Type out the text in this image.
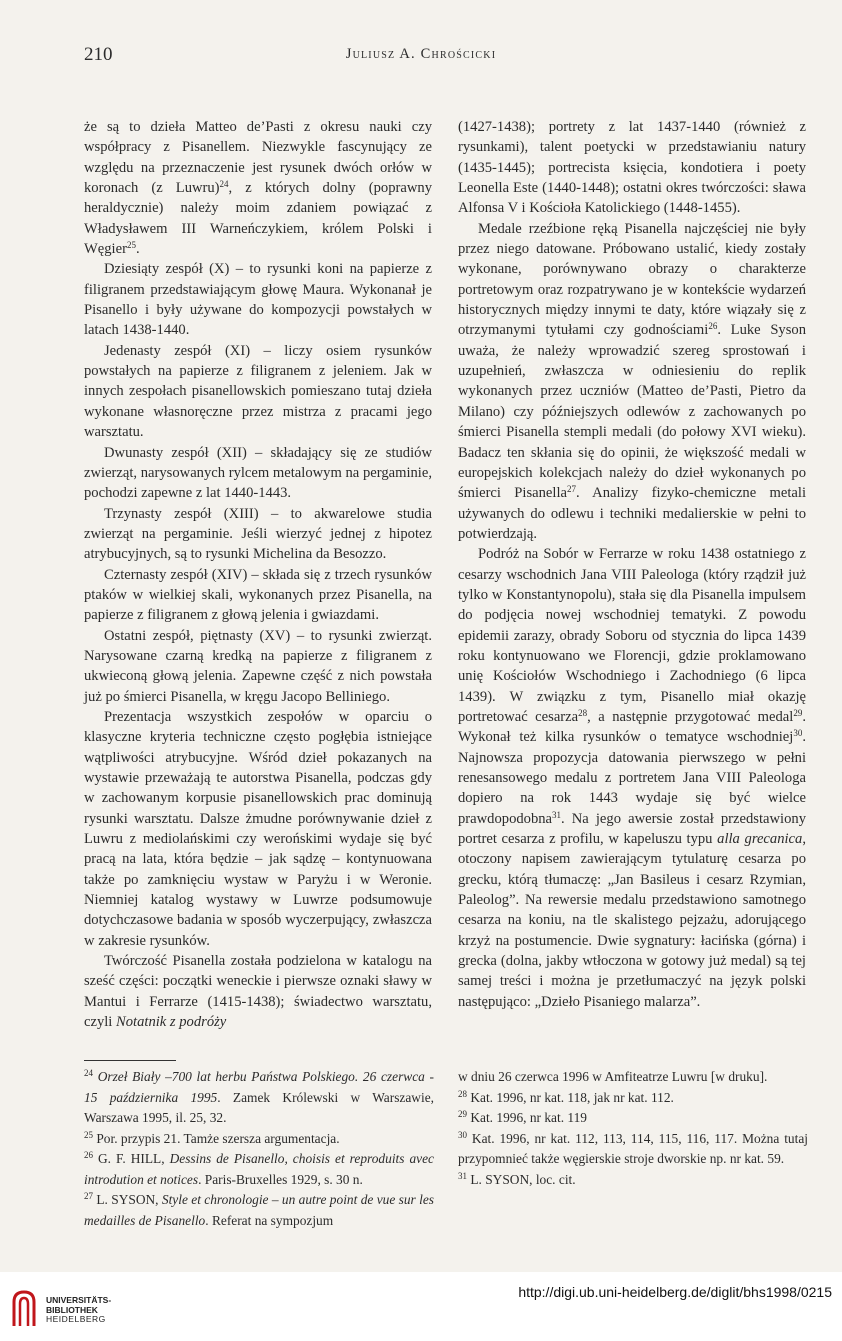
210	Juliusz A. Chrościcki

że są to dzieła Matteo de’Pasti z okresu nauki czy współpracy z Pisanellem. Niezwykle fascynujący ze względu na przeznaczenie jest rysunek dwóch orłów w koronach (z Luwru)$^{24}$, z których dolny (poprawny heraldycznie) należy moim zdaniem powiązać z Władysławem III Warneńczykiem, królem Polski i Węgier$^{25}$.

Dziesiąty zespół (X) – to rysunki koni na papierze z filigranem przedstawiającym głowę Maura. Wykonanał je Pisanello i były używane do kompozycji powstałych w latach 1438-1440.

Jedenasty zespół (XI) – liczy osiem rysunków powstałych na papierze z filigranem z jeleniem. Jak w innych zespołach pisanellowskich pomieszano tutaj dzieła wykonane własnoręczne przez mistrza z pracami jego warsztatu.

Dwunasty zespół (XII) – składający się ze studiów zwierząt, narysowanych rylcem metalowym na pergaminie, pochodzi zapewne z lat 1440-1443.

Trzynasty zespół (XIII) – to akwarelowe studia zwierząt na pergaminie. Jeśli wierzyć jednej z hipotez atrybucyjnych, są to rysunki Michelina da Besozzo.

Czternasty zespół (XIV) – składa się z trzech rysunków ptaków w wielkiej skali, wykonanych przez Pisanella, na papierze z filigranem z głową jelenia i gwiazdami.

Ostatni zespół, piętnasty (XV) – to rysunki zwierząt. Narysowane czarną kredką na papierze z filigranem z ukwieconą głową jelenia. Zapewne część z nich powstała już po śmierci Pisanella, w kręgu Jacopo Belliniego.

Prezentacja wszystkich zespołów w oparciu o klasyczne kryteria techniczne często pogłębia istniejące wątpliwości atrybucyjne. Wśród dzieł pokazanych na wystawie przeważają te autorstwa Pisanella, podczas gdy w zachowanym korpusie pisanellowskich prac dominują rysunki warsztatu. Dalsze żmudne porównywanie dzieł z Luwru z mediolańskimi czy werońskimi wydaje się być pracą na lata, która będzie – jak sądzę – kontynuowana także po zamknięciu wystaw w Paryżu i w Weronie. Niemniej katalog wystawy w Luwrze podsumowuje dotychczasowe badania w sposób wyczerpujący, zwłaszcza w zakresie rysunków.

Twórczość Pisanella została podzielona w katalogu na sześć części: początki weneckie i pierwsze oznaki sławy w Mantui i Ferrarze (1415-1438); świadectwo warsztatu, czyli Notatnik z podróży

(1427-1438); portrety z lat 1437-1440 (również z rysunkami), talent poetycki w przedstawianiu natury (1435-1445); portrecista księcia, kondotiera i poety Leonella Este (1440-1448); ostatni okres twórczości: sława Alfonsa V i Kościoła Katolickiego (1448-1455).

Medale rzeźbione ręką Pisanella najczęściej nie były przez niego datowane. Próbowano ustalić, kiedy zostały wykonane, porównywano obrazy o charakterze portretowym oraz rozpatrywano je w kontekście wydarzeń historycznych między innymi te daty, które wiązały się z otrzymanymi tytułami czy godnościami$^{26}$. Luke Syson uważa, że należy wprowadzić szereg sprostowań i uzupełnień, zwłaszcza w odniesieniu do replik wykonanych przez uczniów (Matteo de’Pasti, Pietro da Milano) czy późniejszych odlewów z zachowanych po śmierci Pisanella stempli medali (do połowy XVI wieku). Badacz ten skłania się do opinii, że większość medali w europejskich kolekcjach należy do dzieł wykonanych po śmierci Pisanella$^{27}$. Analizy fizyko-chemiczne metali używanych do odlewu i techniki medalierskie w pełni to potwierdzają.

Podróż na Sobór w Ferrarze w roku 1438 ostatniego z cesarzy wschodnich Jana VIII Paleologa (który rządził już tylko w Konstantynopolu), stała się dla Pisanella impulsem do podjęcia nowej wschodniej tematyki. Z powodu epidemii zarazy, obrady Soboru od stycznia do lipca 1439 roku kontynuowano we Florencji, gdzie proklamowano unię Kościołów Wschodniego i Zachodniego (6 lipca 1439). W związku z tym, Pisanello miał okazję portretować cesarza$^{28}$, a następnie przygotować medal$^{29}$. Wykonał też kilka rysunków o tematyce wschodniej$^{30}$. Najnowsza propozycja datowania pierwszego w pełni renesansowego medalu z portretem Jana VIII Paleologa dopiero na rok 1443 wydaje się być wielce prawdopodobna$^{31}$. Na jego awersie został przedstawiony portret cesarza z profilu, w kapeluszu typu alla grecanica, otoczony napisem zawierającym tytulaturę cesarza po grecku, którą tłumaczę: „Jan Basileus i cesarz Rzymian, Paleolog”. Na rewersie medalu przedstawiono samotnego cesarza na koniu, na tle skalistego pejzażu, adorującego krzyż na postumencie. Dwie sygnatury: łacińska (górna) i grecka (dolna, jakby wtłoczona w gotowy już medal) są tej samej treści i można je przetłumaczyć na język polski następująco: „Dzieło Pisaniego malarza”.

$^{24}$ Orzeł Biały –700 lat herbu Państwa Polskiego. 26 czerwca - 15 października 1995. Zamek Królewski w Warszawie, Warszawa 1995, il. 25, 32.
$^{25}$ Por. przypis 21. Tamże szersza argumentacja.
$^{26}$ G. F. HILL, Dessins de Pisanello, choisis et reproduits avec introdution et notices. Paris-Bruxelles 1929, s. 30 n.
$^{27}$ L. SYSON, Style et chronologie – un autre point de vue sur les medailles de Pisanello. Referat na sympozjum
w dniu 26 czerwca 1996 w Amfiteatrze Luwru [w druku].
$^{28}$ Kat. 1996, nr kat. 118, jak nr kat. 112.
$^{29}$ Kat. 1996, nr kat. 119
$^{30}$ Kat. 1996, nr kat. 112, 113, 114, 115, 116, 117. Można tutaj przypomnieć także węgierskie stroje dworskie np. nr kat. 59.
$^{31}$ L. SYSON, loc. cit.
UNIVERSITÄTS-
BIBLIOTHEK
HEIDELBERG
http://digi.ub.uni-heidelberg.de/diglit/bhs1998/0215
